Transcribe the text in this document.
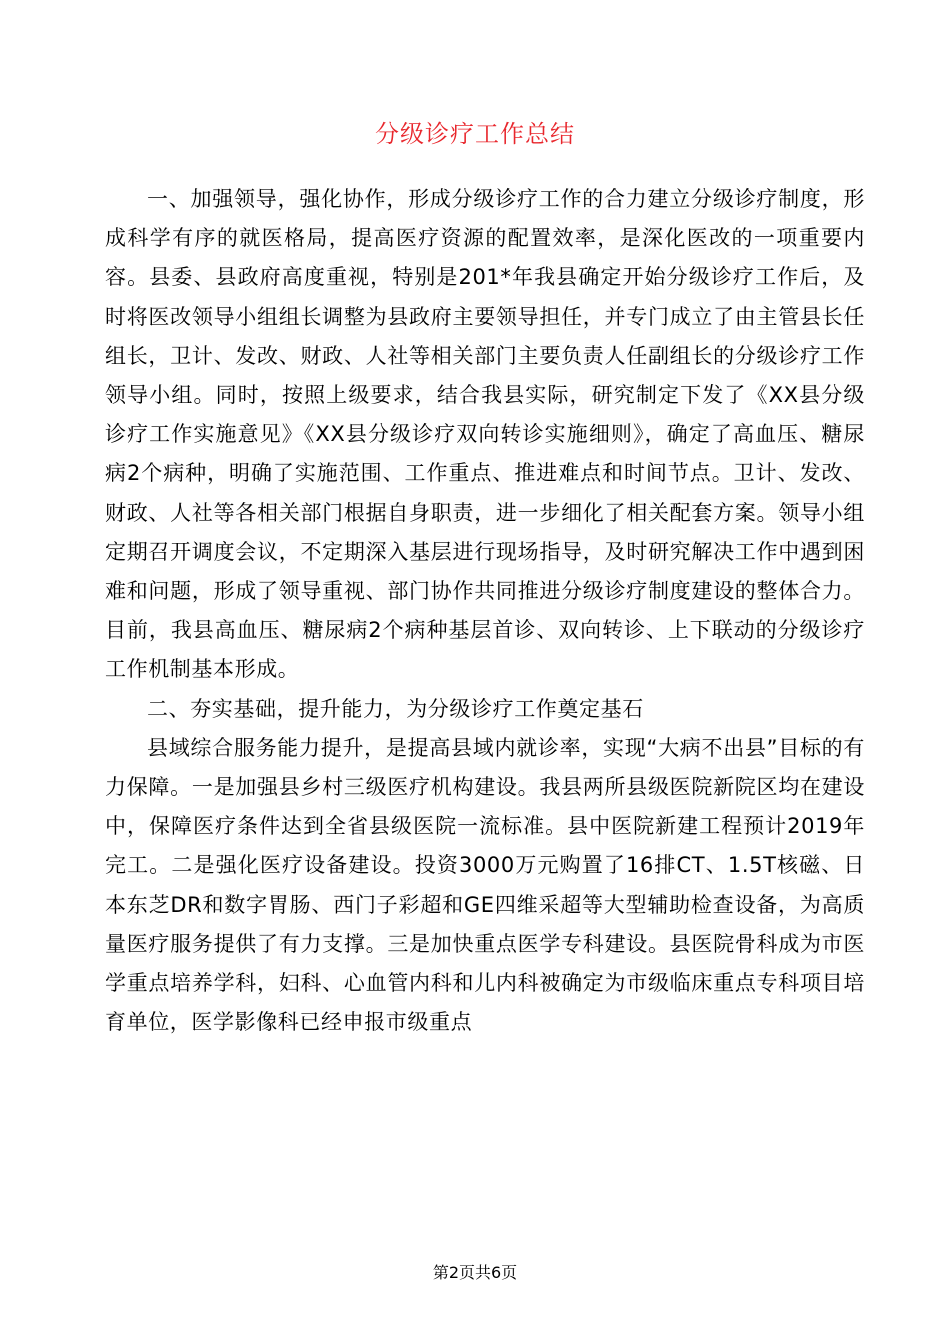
分级诊疗工作总结

一、加强领导，强化协作，形成分级诊疗工作的合力建立分级诊疗制度，形成科学有序的就医格局，提高医疗资源的配置效率，是深化医改的一项重要内容。县委、县政府高度重视，特别是201*年我县确定开始分级诊疗工作后，及时将医改领导小组组长调整为县政府主要领导担任，并专门成立了由主管县长任组长，卫计、发改、财政、人社等相关部门主要负责人任副组长的分级诊疗工作领导小组。同时，按照上级要求，结合我县实际，研究制定下发了《XX县分级诊疗工作实施意见》《XX县分级诊疗双向转诊实施细则》，确定了高血压、糖尿病2个病种，明确了实施范围、工作重点、推进难点和时间节点。卫计、发改、财政、人社等各相关部门根据自身职责，进一步细化了相关配套方案。领导小组定期召开调度会议，不定期深入基层进行现场指导，及时研究解决工作中遇到困难和问题，形成了领导重视、部门协作共同推进分级诊疗制度建设的整体合力。目前，我县高血压、糖尿病2个病种基层首诊、双向转诊、上下联动的分级诊疗工作机制基本形成。

二、夯实基础，提升能力，为分级诊疗工作奠定基石

县域综合服务能力提升，是提高县域内就诊率，实现“大病不出县”目标的有力保障。一是加强县乡村三级医疗机构建设。我县两所县级医院新院区均在建设中，保障医疗条件达到全省县级医院一流标准。县中医院新建工程预计2019年完工。二是强化医疗设备建设。投资3000万元购置了16排CT、1.5T核磁、日本东芝DR和数字胃肠、西门子彩超和GE四维采超等大型辅助检查设备，为高质量医疗服务提供了有力支撑。三是加快重点医学专科建设。县医院骨科成为市医学重点培养学科，妇科、心血管内科和儿内科被确定为市级临床重点专科项目培育单位，医学影像科已经申报市级重点

第2页共6页
